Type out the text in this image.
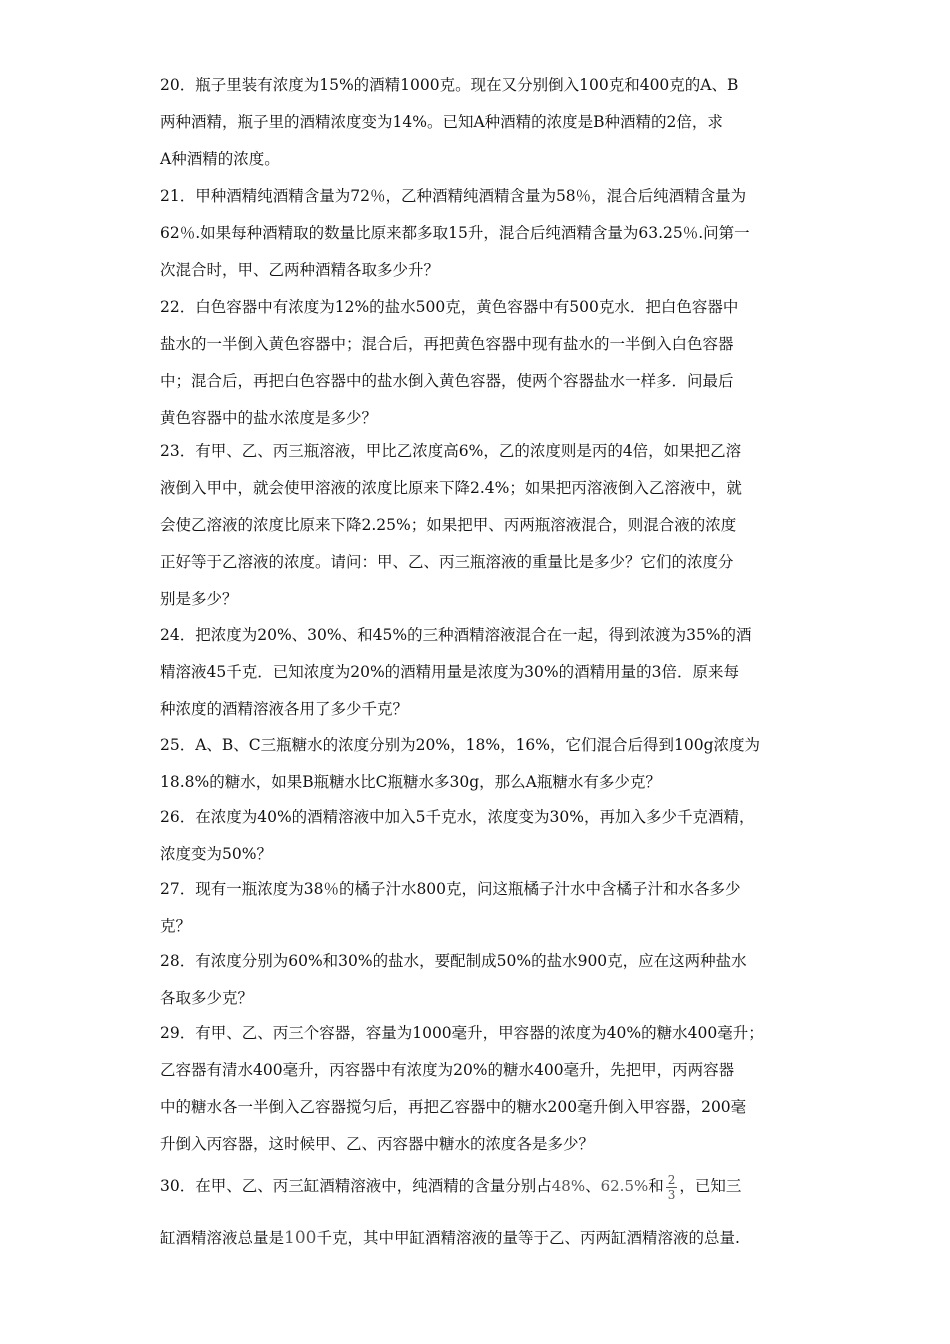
20．瓶子里装有浓度为15%的酒精1000克。现在又分别倒入100克和400克的A、B
两种酒精，瓶子里的酒精浓度变为14%。已知A种酒精的浓度是B种酒精的2倍，求
A种酒精的浓度。
21．甲种酒精纯酒精含量为72％，乙种酒精纯酒精含量为58％，混合后纯酒精含量为
62％.如果每种酒精取的数量比原来都多取15升，混合后纯酒精含量为63.25％.问第一
次混合时，甲、乙两种酒精各取多少升？
22．白色容器中有浓度为12%的盐水500克，黄色容器中有500克水．把白色容器中
盐水的一半倒入黄色容器中；混合后，再把黄色容器中现有盐水的一半倒入白色容器
中；混合后，再把白色容器中的盐水倒入黄色容器，使两个容器盐水一样多．问最后
黄色容器中的盐水浓度是多少？
23．有甲、乙、丙三瓶溶液，甲比乙浓度高6%，乙的浓度则是丙的4倍，如果把乙溶
液倒入甲中，就会使甲溶液的浓度比原来下降2.4%；如果把丙溶液倒入乙溶液中，就
会使乙溶液的浓度比原来下降2.25%；如果把甲、丙两瓶溶液混合，则混合液的浓度
正好等于乙溶液的浓度。请问：甲、乙、丙三瓶溶液的重量比是多少？它们的浓度分
别是多少？
24．把浓度为20%、30%、和45%的三种酒精溶液混合在一起，得到浓渡为35%的酒
精溶液45千克．已知浓度为20%的酒精用量是浓度为30%的酒精用量的3倍．原来每
种浓度的酒精溶液各用了多少千克？
25．A、B、C三瓶糖水的浓度分别为20%，18%，16%，它们混合后得到100g浓度为
18.8%的糖水，如果B瓶糖水比C瓶糖水多30g，那么A瓶糖水有多少克？
26．在浓度为40%的酒精溶液中加入5千克水，浓度变为30%，再加入多少千克酒精，
浓度变为50%？
27．现有一瓶浓度为38％的橘子汁水800克，问这瓶橘子汁水中含橘子汁和水各多少
克？
28．有浓度分别为60%和30%的盐水，要配制成50%的盐水900克，应在这两种盐水
各取多少克？
29．有甲、乙、丙三个容器，容量为1000毫升，甲容器的浓度为40%的糖水400毫升；
乙容器有清水400毫升，丙容器中有浓度为20%的糖水400毫升，先把甲，丙两容器
中的糖水各一半倒入乙容器搅匀后，再把乙容器中的糖水200毫升倒入甲容器，200毫
升倒入丙容器，这时候甲、乙、丙容器中糖水的浓度各是多少？
30．在甲、乙、丙三缸酒精溶液中，纯酒精的含量分别占48%、62.5%和 $\frac{2}{3}$ ，已知三
缸酒精溶液总量是100千克，其中甲缸酒精溶液的量等于乙、丙两缸酒精溶液的总量.
